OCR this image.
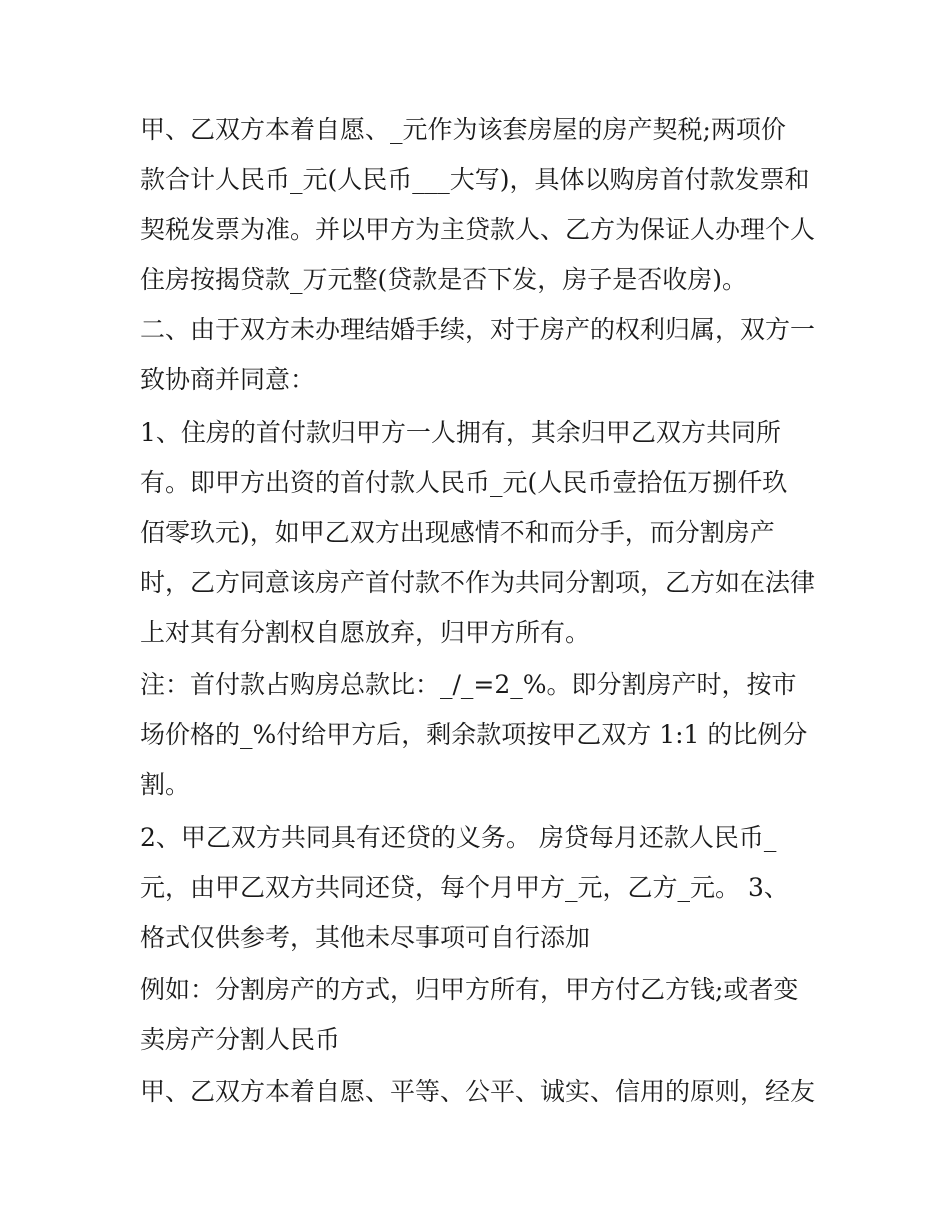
甲、乙双方本着自愿、_元作为该套房屋的房产契税;两项价
款合计人民币_元(人民币___大写)，具体以购房首付款发票和
契税发票为准。并以甲方为主贷款人、乙方为保证人办理个人
住房按揭贷款_万元整(贷款是否下发，房子是否收房)。
二、由于双方未办理结婚手续，对于房产的权利归属，双方一
致协商并同意：
1、住房的首付款归甲方一人拥有，其余归甲乙双方共同所
有。即甲方出资的首付款人民币_元(人民币壹拾伍万捌仟玖
佰零玖元)，如甲乙双方出现感情不和而分手，而分割房产
时，乙方同意该房产首付款不作为共同分割项，乙方如在法律
上对其有分割权自愿放弃，归甲方所有。
注：首付款占购房总款比：_/_=2_%。即分割房产时，按市
场价格的_%付给甲方后，剩余款项按甲乙双方 1:1 的比例分
割。
2、甲乙双方共同具有还贷的义务。 房贷每月还款人民币_
元，由甲乙双方共同还贷，每个月甲方_元，乙方_元。 3、
格式仅供参考，其他未尽事项可自行添加
例如：分割房产的方式，归甲方所有，甲方付乙方钱;或者变
卖房产分割人民币
甲、乙双方本着自愿、平等、公平、诚实、信用的原则，经友
